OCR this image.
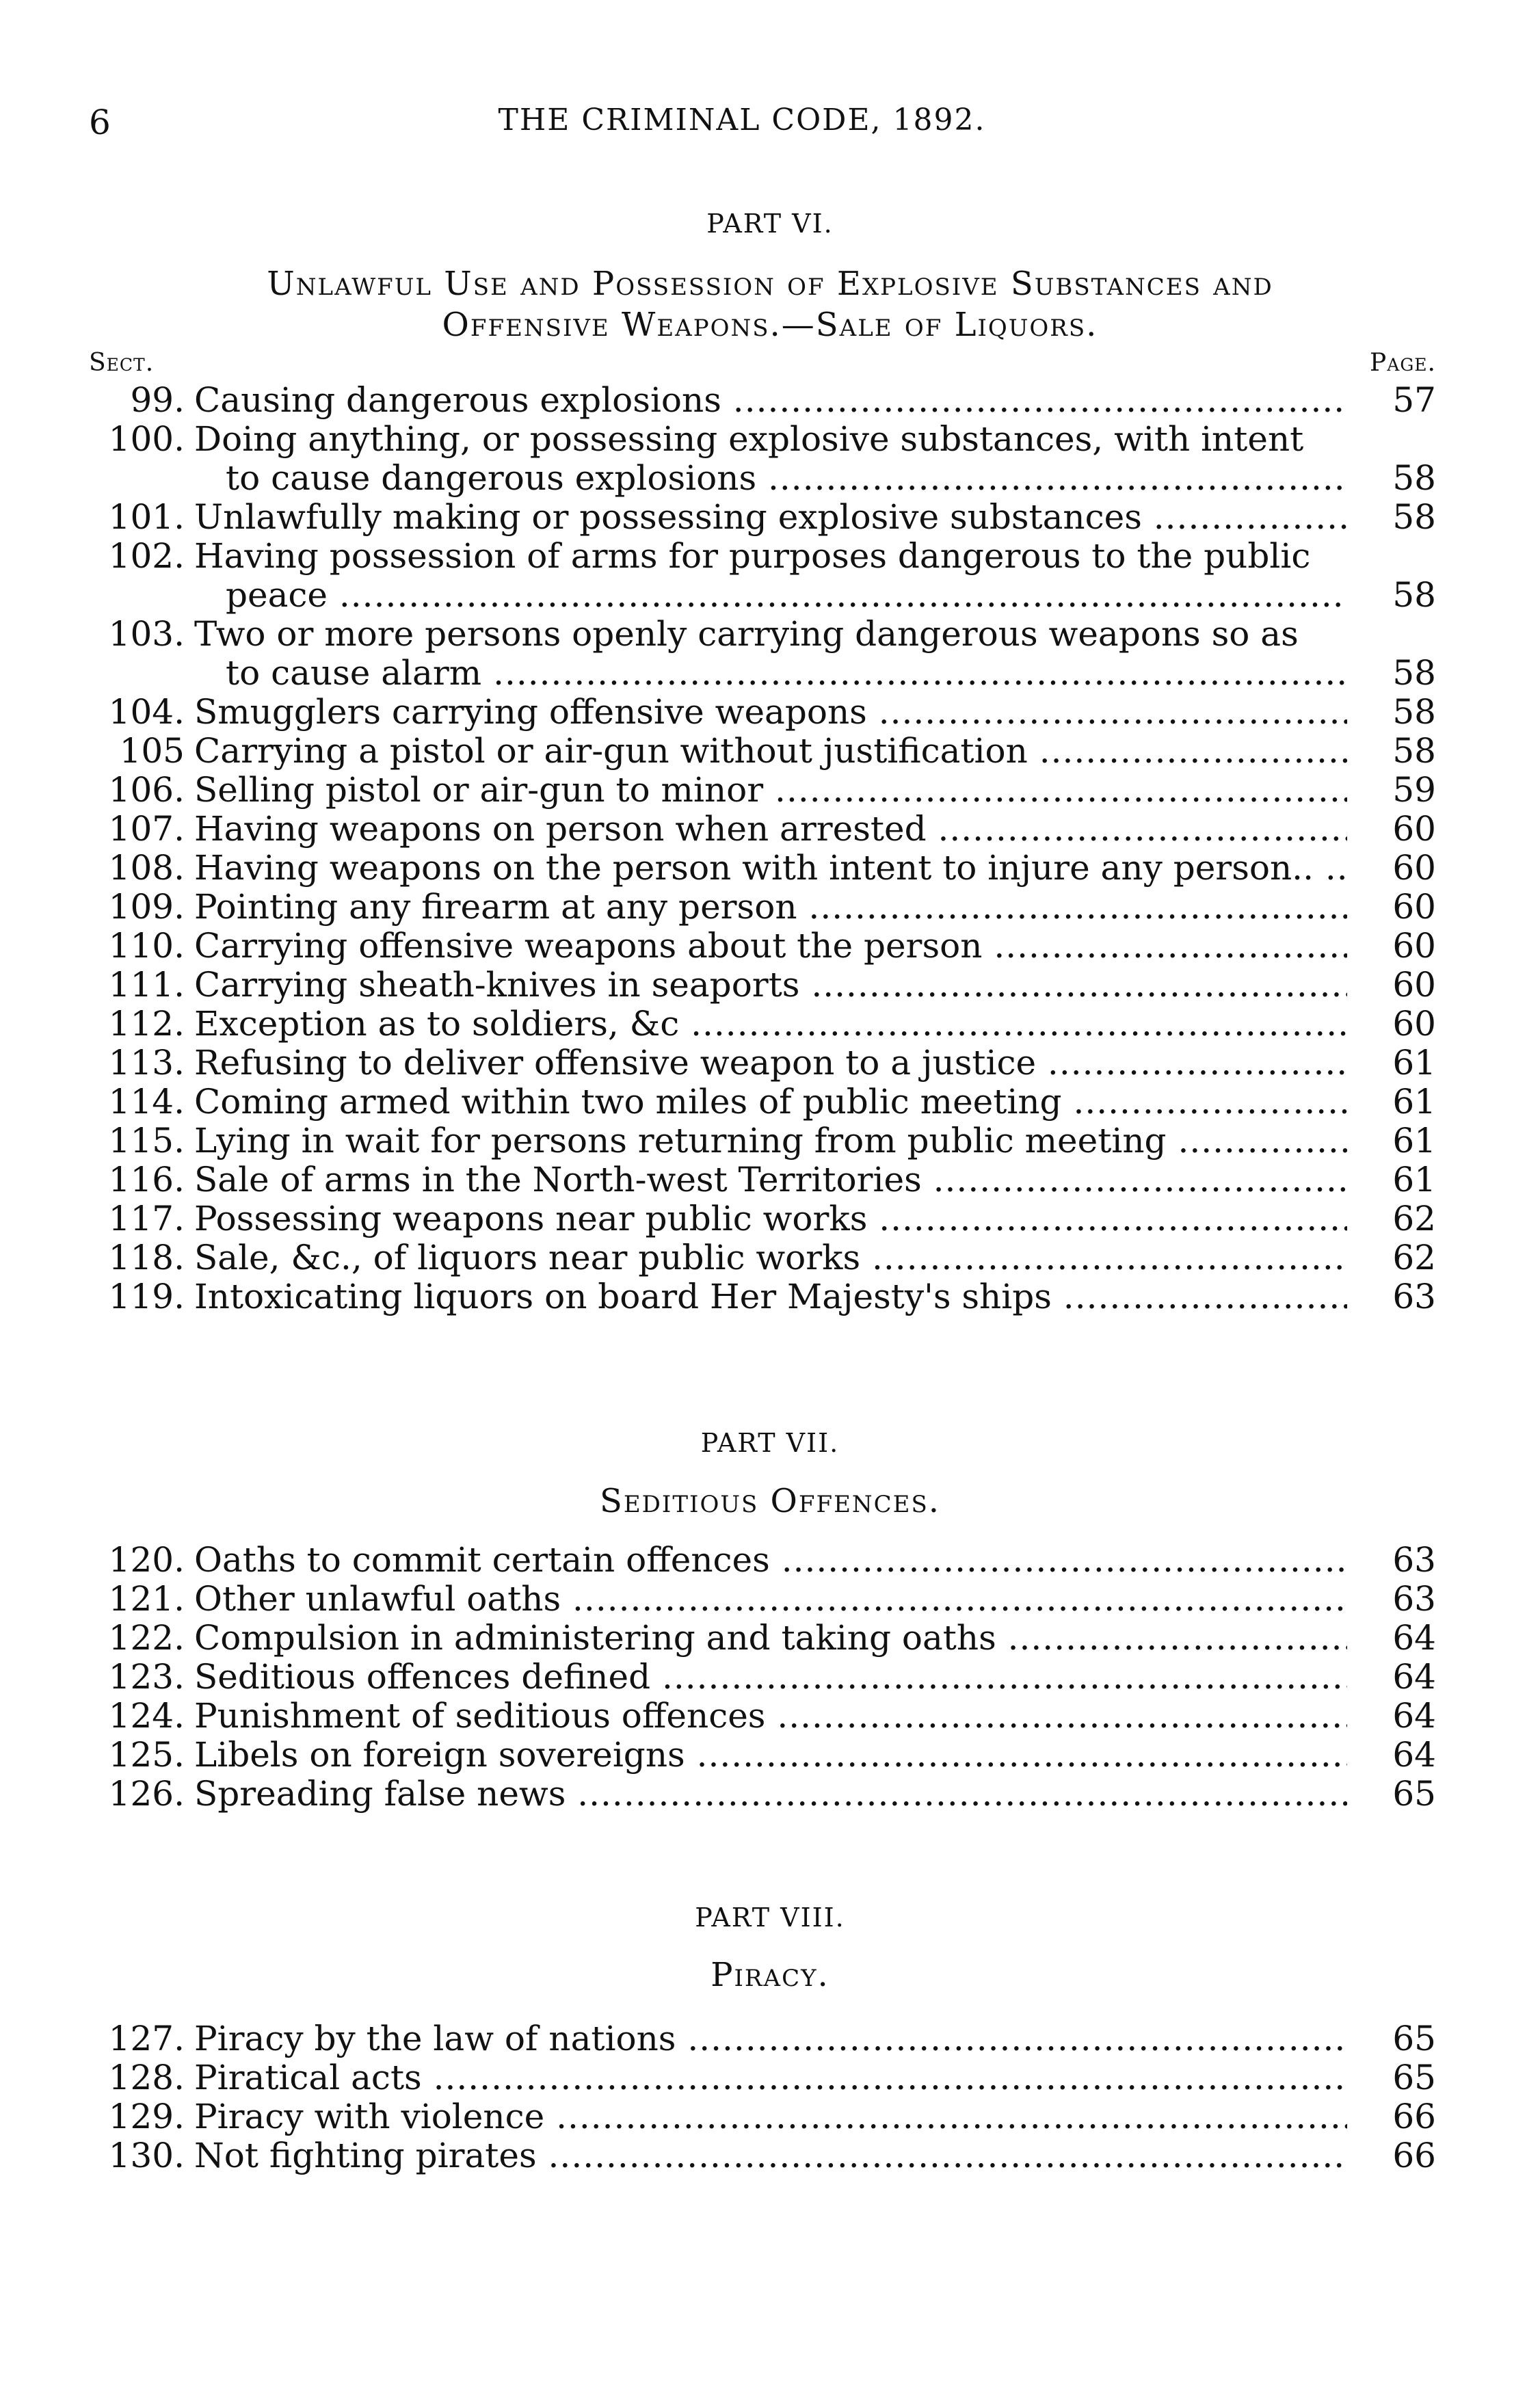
6	THE CRIMINAL CODE, 1892.
PART VI.
Unlawful Use and Possession of Explosive Substances and
Offensive Weapons.—Sale of Liquors.
Sect.	Page.
99. Causing dangerous explosions .....	57
100. Doing anything, or possessing explosive substances, with intent
to cause dangerous explosions .....	58
101. Unlawfully making or possessing explosive substances .....	58
102. Having possession of arms for purposes dangerous to the public
peace .....	58
103. Two or more persons openly carrying dangerous weapons so as
to cause alarm .....	58
104. Smugglers carrying offensive weapons .....	58
105 Carrying a pistol or air-gun without justification .....	58
106. Selling pistol or air-gun to minor .....	59
107. Having weapons on person when arrested .....	60
108. Having weapons on the person with intent to injure any person.. .....	60
109. Pointing any firearm at any person .....	60
110. Carrying offensive weapons about the person .....	60
111. Carrying sheath-knives in seaports .....	60
112. Exception as to soldiers, &c .....	60
113. Refusing to deliver offensive weapon to a justice .....	61
114. Coming armed within two miles of public meeting .....	61
115. Lying in wait for persons returning from public meeting .....	61
116. Sale of arms in the North-west Territories .....	61
117. Possessing weapons near public works .....	62
118. Sale, &c., of liquors near public works .....	62
119. Intoxicating liquors on board Her Majesty's ships .....	63
PART VII.
Seditious Offences.
120. Oaths to commit certain offences .....	63
121. Other unlawful oaths .....	63
122. Compulsion in administering and taking oaths .....	64
123. Seditious offences defined .....	64
124. Punishment of seditious offences .....	64
125. Libels on foreign sovereigns .....	64
126. Spreading false news .....	65
PART VIII.
Piracy.
127. Piracy by the law of nations .....	65
128. Piratical acts .....	65
129. Piracy with violence .....	66
130. Not fighting pirates .....	66
